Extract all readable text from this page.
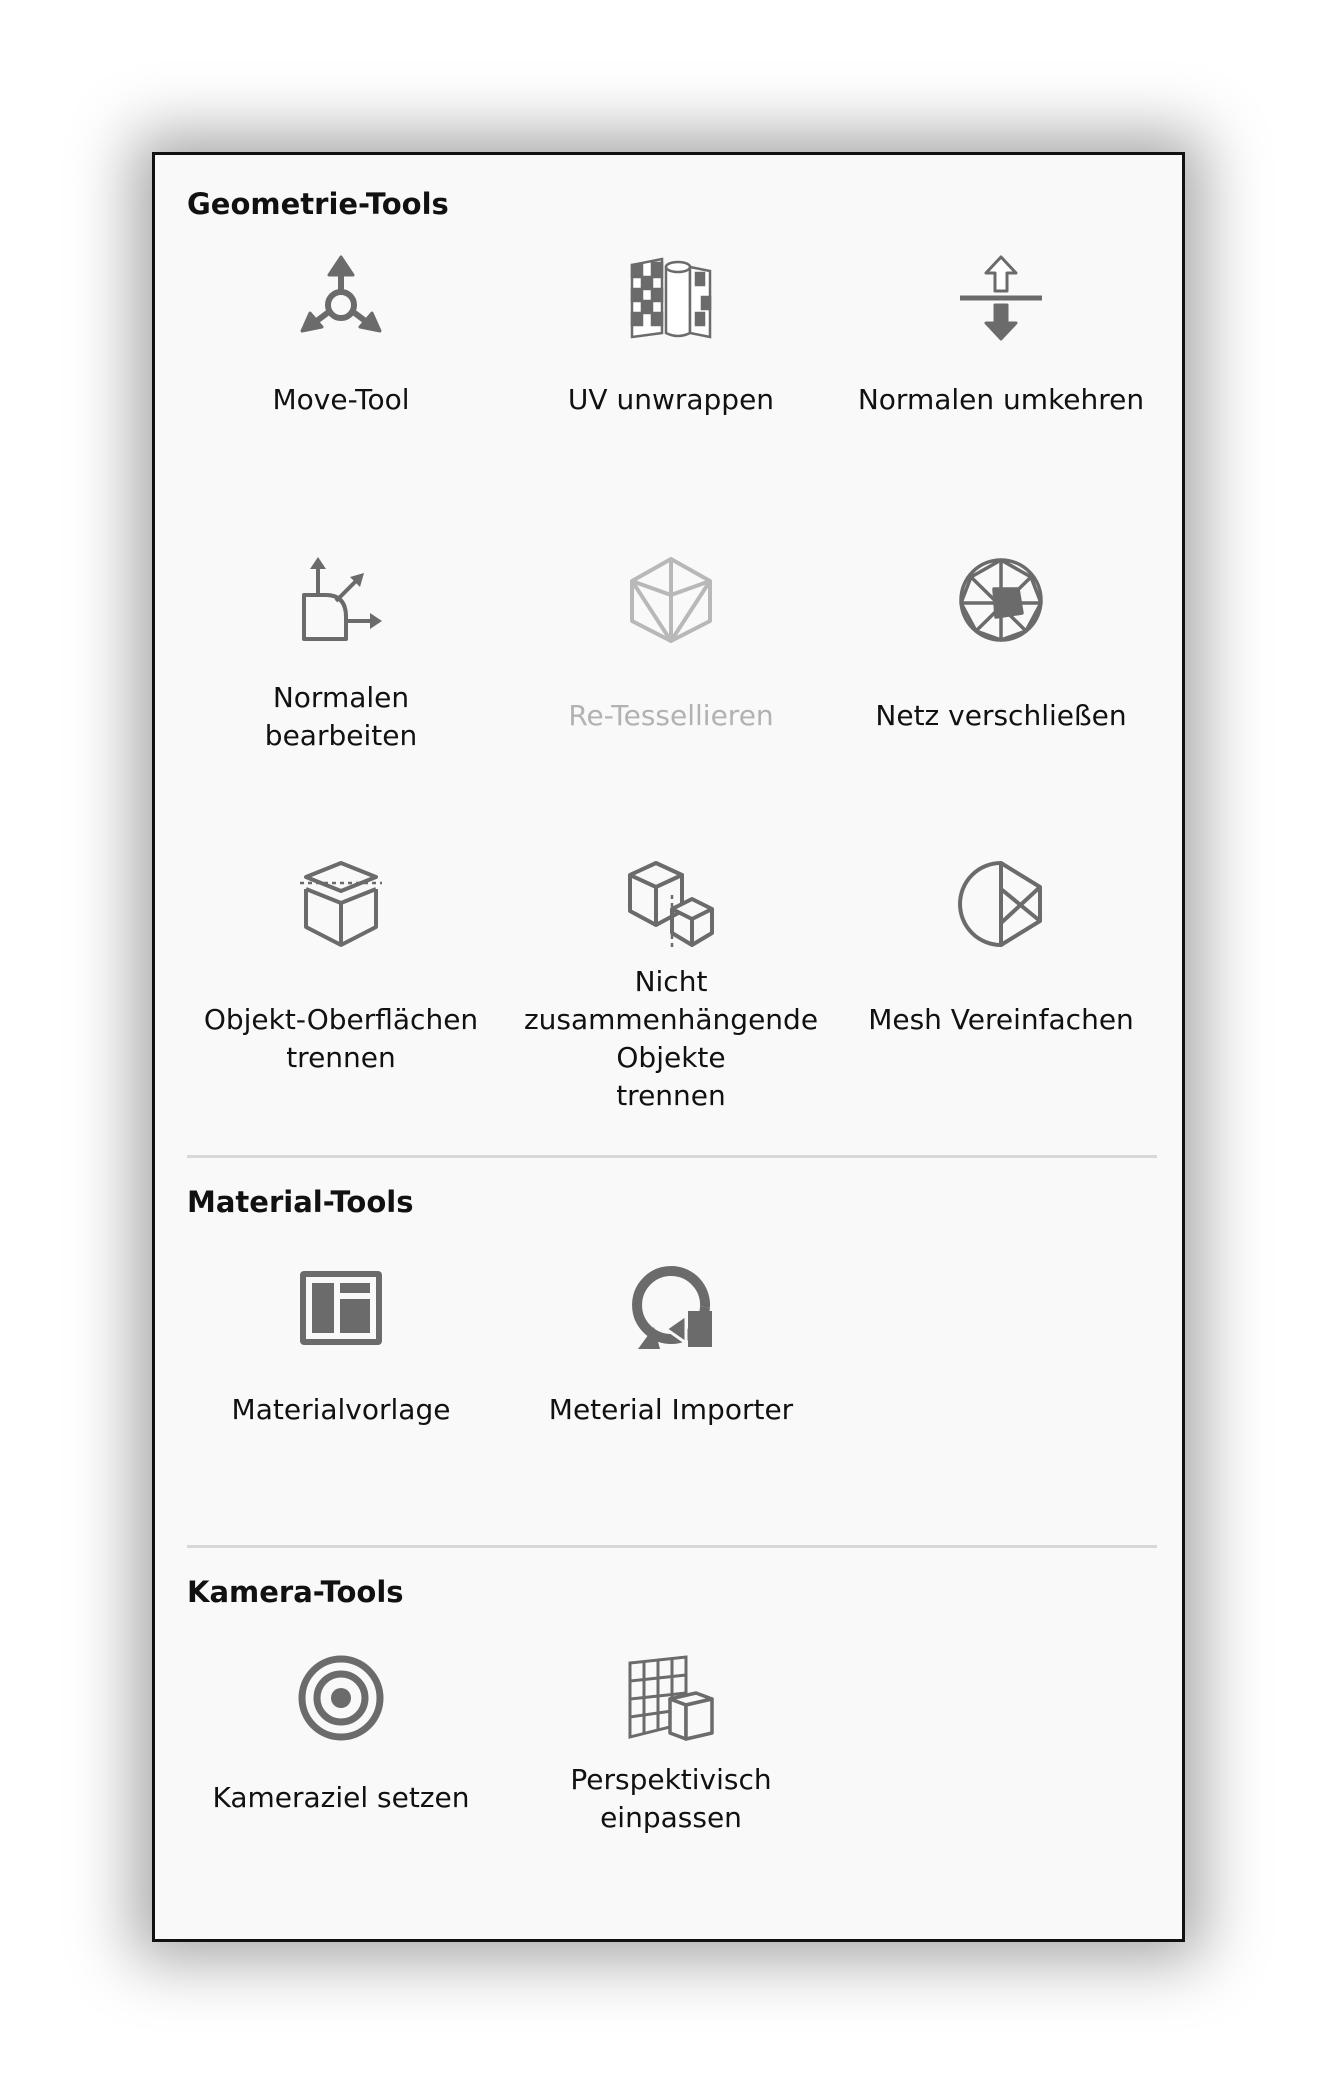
Geometrie-Tools
Move-Tool	UV unwrappen	Normalen umkehren
Normalen
bearbeiten
Re-Tessellieren	Netz verschließen
Objekt-Oberflächen
trennen
Nicht
zusammenhängende
Objekte
trennen
Mesh Vereinfachen
Material-Tools
Materialvorlage	Meterial Importer
Kamera-Tools
Kameraziel setzen
Perspektivisch
einpassen
